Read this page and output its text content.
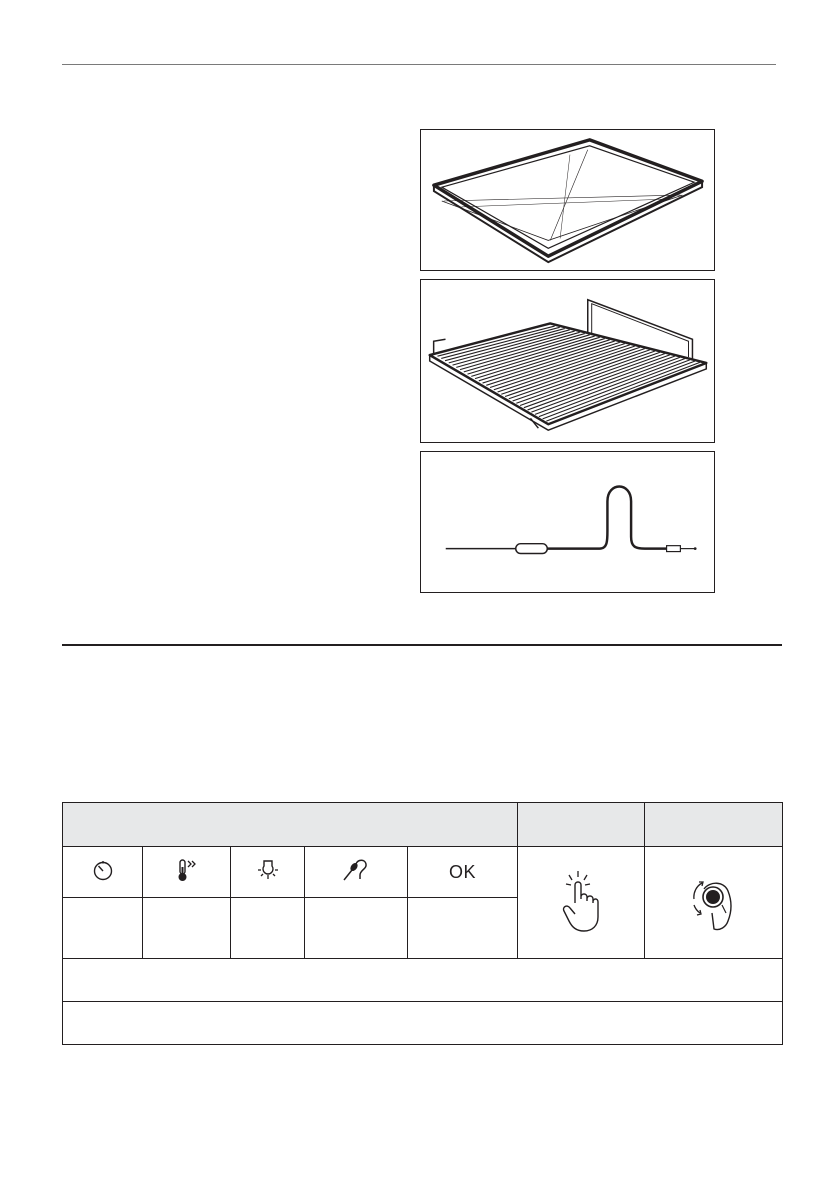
				OK		
